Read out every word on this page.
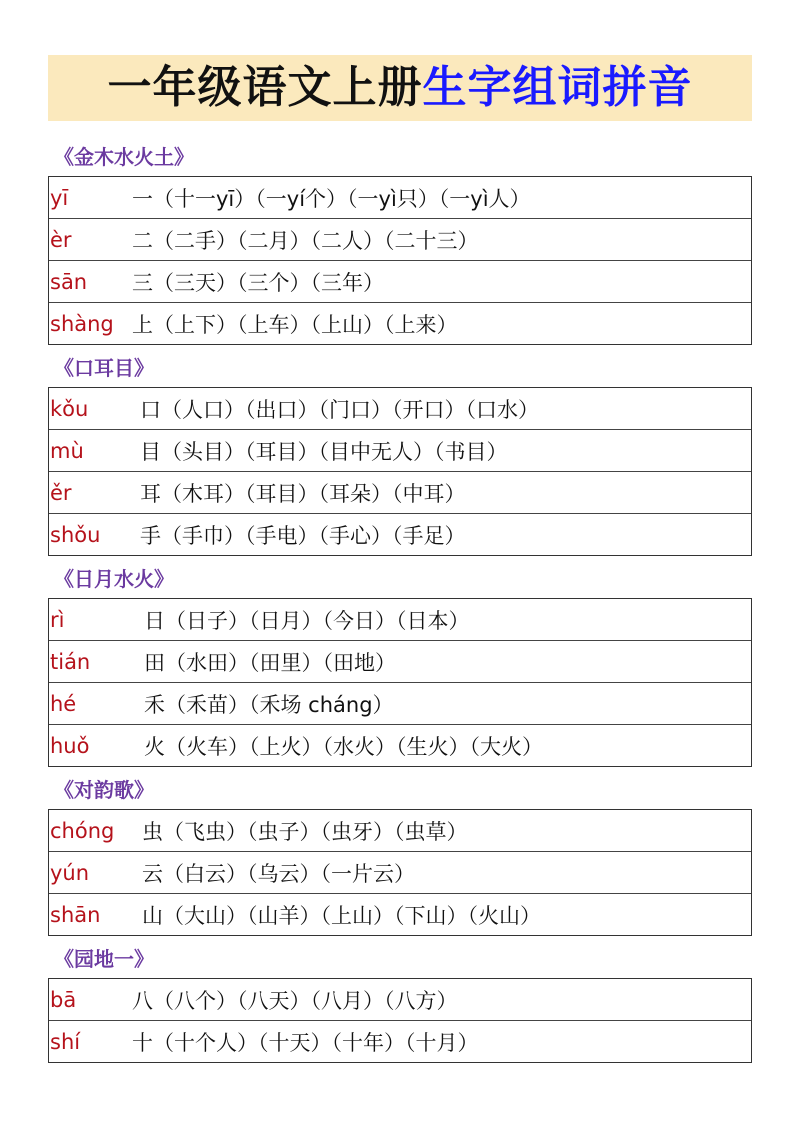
一年级语文上册生字组词拼音
《金木水火土》
yī	一（十一yī）（一yí个）（一yì只）（一yì人）
èr	二（二手）（二月）（二人）（二十三）
sān	三（三天）（三个）（三年）
shàng 上（上下）（上车）（上山）（上来）
《口耳目》
kǒu	口（人口）（出口）（门口）（开口）（口水）
mù	目（头目）（耳目）（目中无人）（书目）
ěr	耳（木耳）（耳目）（耳朵）（中耳）
shǒu	手（手巾）（手电）（手心）（手足）
《日月水火》
rì	日（日子）（日月）（今日）（日本）
tián	田（水田）（田里）（田地）
hé	禾（禾苗）（禾场 cháng）
huǒ	火（火车）（上火）（水火）（生火）（大火）
《对韵歌》
chóng	虫（飞虫）（虫子）（虫牙）（虫草）
yún	云（白云）（乌云）（一片云）
shān	山（大山）（山羊）（上山）（下山）（火山）
《园地一》
bā	八（八个）（八天）（八月）（八方）
shí	十（十个人）（十天）（十年）（十月）
